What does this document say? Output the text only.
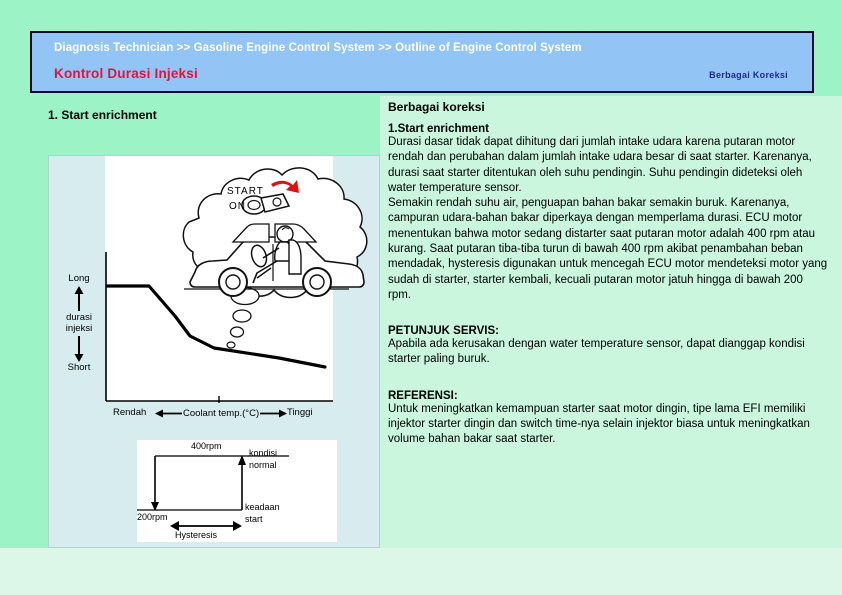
Diagnosis Technician >> Gasoline Engine Control System >> Outline of Engine Control System
Kontrol Durasi Injeksi	Berbagai Koreksi
1. Start enrichment
START
ON
Long
durasi injeksi
Short
Rendah	Coolant temp.(°C)	Tinggi
400rpm
200rpm
kondisi
normal
keadaan
start
Hysteresis
Berbagai koreksi
1.Start enrichment
Durasi dasar tidak dapat dihitung dari jumlah intake udara karena putaran motor rendah dan perubahan dalam jumlah intake udara besar di saat starter. Karenanya, durasi saat starter ditentukan oleh suhu pendingin. Suhu pendingin dideteksi oleh water temperature sensor.
Semakin rendah suhu air, penguapan bahan bakar semakin buruk. Karenanya, campuran udara-bahan bakar diperkaya dengan memperlama durasi. ECU motor menentukan bahwa motor sedang distarter saat putaran motor adalah 400 rpm atau kurang. Saat putaran tiba-tiba turun di bawah 400 rpm akibat penambahan beban mendadak, hysteresis digunakan untuk mencegah ECU motor mendeteksi motor yang sudah di starter, starter kembali, kecuali putaran motor jatuh hingga di bawah 200 rpm.
PETUNJUK SERVIS:
Apabila ada kerusakan dengan water temperature sensor, dapat dianggap kondisi starter paling buruk.
REFERENSI:
Untuk meningkatkan kemampuan starter saat motor dingin, tipe lama EFI memiliki injektor starter dingin dan switch time-nya selain injektor biasa untuk meningkatkan volume bahan bakar saat starter.
